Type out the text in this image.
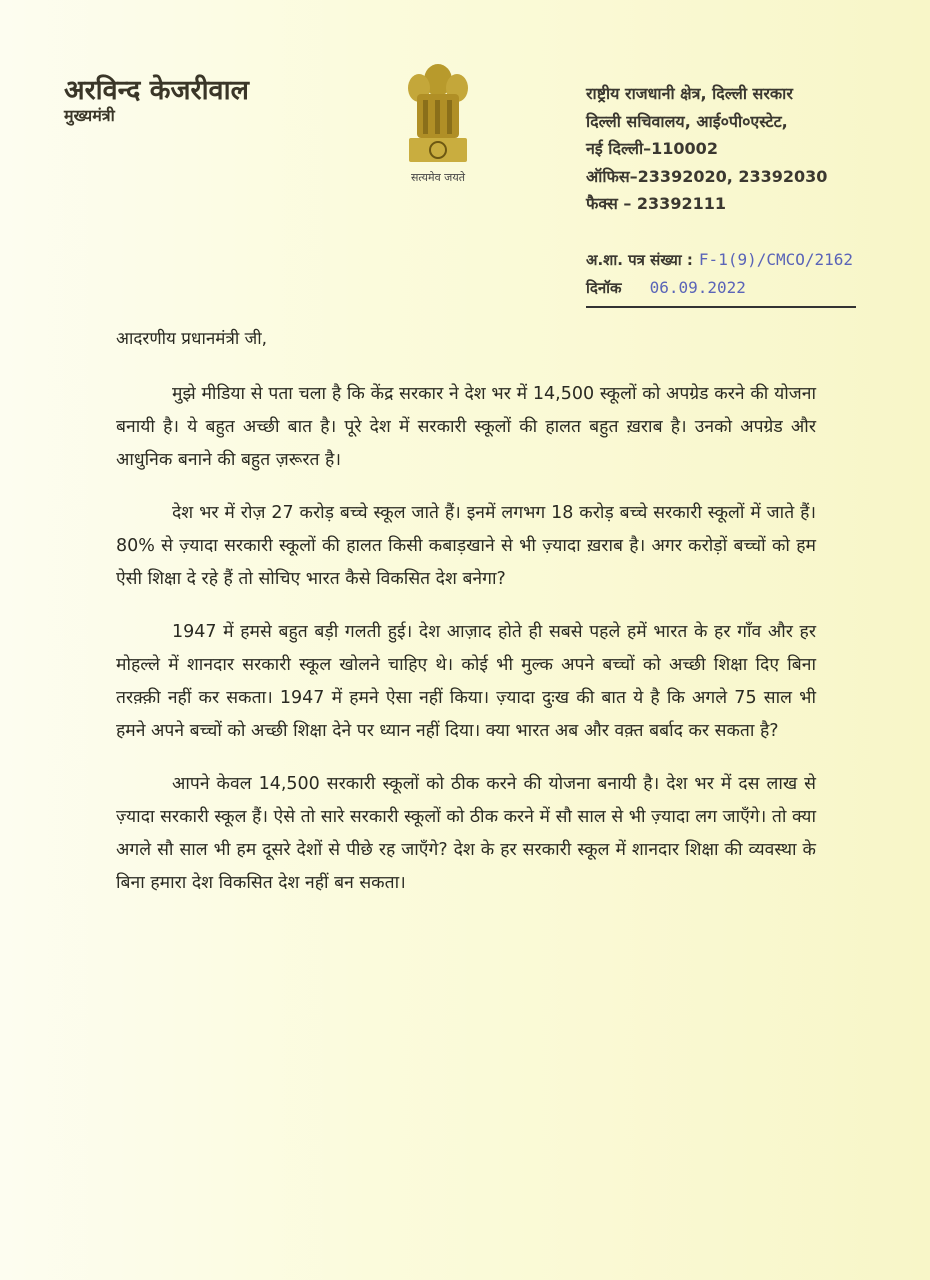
अरविन्द केजरीवाल
मुख्यमंत्री
सत्यमेव जयते
राष्ट्रीय राजधानी क्षेत्र, दिल्ली सरकार
दिल्ली सचिवालय, आई०पी०एस्टेट,
नई दिल्ली–110002
ऑफिस–23392020, 23392030
फैक्स – 23392111
अ.शा. पत्र संख्या : F-1(9)/CMCO/2162
दिनॉक 06.09.2022
आदरणीय प्रधानमंत्री जी,

मुझे मीडिया से पता चला है कि केंद्र सरकार ने देश भर में 14,500 स्कूलों को अपग्रेड करने की योजना बनायी है। ये बहुत अच्छी बात है। पूरे देश में सरकारी स्कूलों की हालत बहुत ख़राब है। उनको अपग्रेड और आधुनिक बनाने की बहुत ज़रूरत है।

देश भर में रोज़ 27 करोड़ बच्चे स्कूल जाते हैं। इनमें लगभग 18 करोड़ बच्चे सरकारी स्कूलों में जाते हैं। 80% से ज़्यादा सरकारी स्कूलों की हालत किसी कबाड़खाने से भी ज़्यादा ख़राब है। अगर करोड़ों बच्चों को हम ऐसी शिक्षा दे रहे हैं तो सोचिए भारत कैसे विकसित देश बनेगा?

1947 में हमसे बहुत बड़ी गलती हुई। देश आज़ाद होते ही सबसे पहले हमें भारत के हर गाँव और हर मोहल्ले में शानदार सरकारी स्कूल खोलने चाहिए थे। कोई भी मुल्क अपने बच्चों को अच्छी शिक्षा दिए बिना तरक़्क़ी नहीं कर सकता। 1947 में हमने ऐसा नहीं किया। ज़्यादा दुःख की बात ये है कि अगले 75 साल भी हमने अपने बच्चों को अच्छी शिक्षा देने पर ध्यान नहीं दिया। क्या भारत अब और वक़्त बर्बाद कर सकता है?

आपने केवल 14,500 सरकारी स्कूलों को ठीक करने की योजना बनायी है। देश भर में दस लाख से ज़्यादा सरकारी स्कूल हैं। ऐसे तो सारे सरकारी स्कूलों को ठीक करने में सौ साल से भी ज़्यादा लग जाएँगे। तो क्या अगले सौ साल भी हम दूसरे देशों से पीछे रह जाएँगे? देश के हर सरकारी स्कूल में शानदार शिक्षा की व्यवस्था के बिना हमारा देश विकसित देश नहीं बन सकता।
